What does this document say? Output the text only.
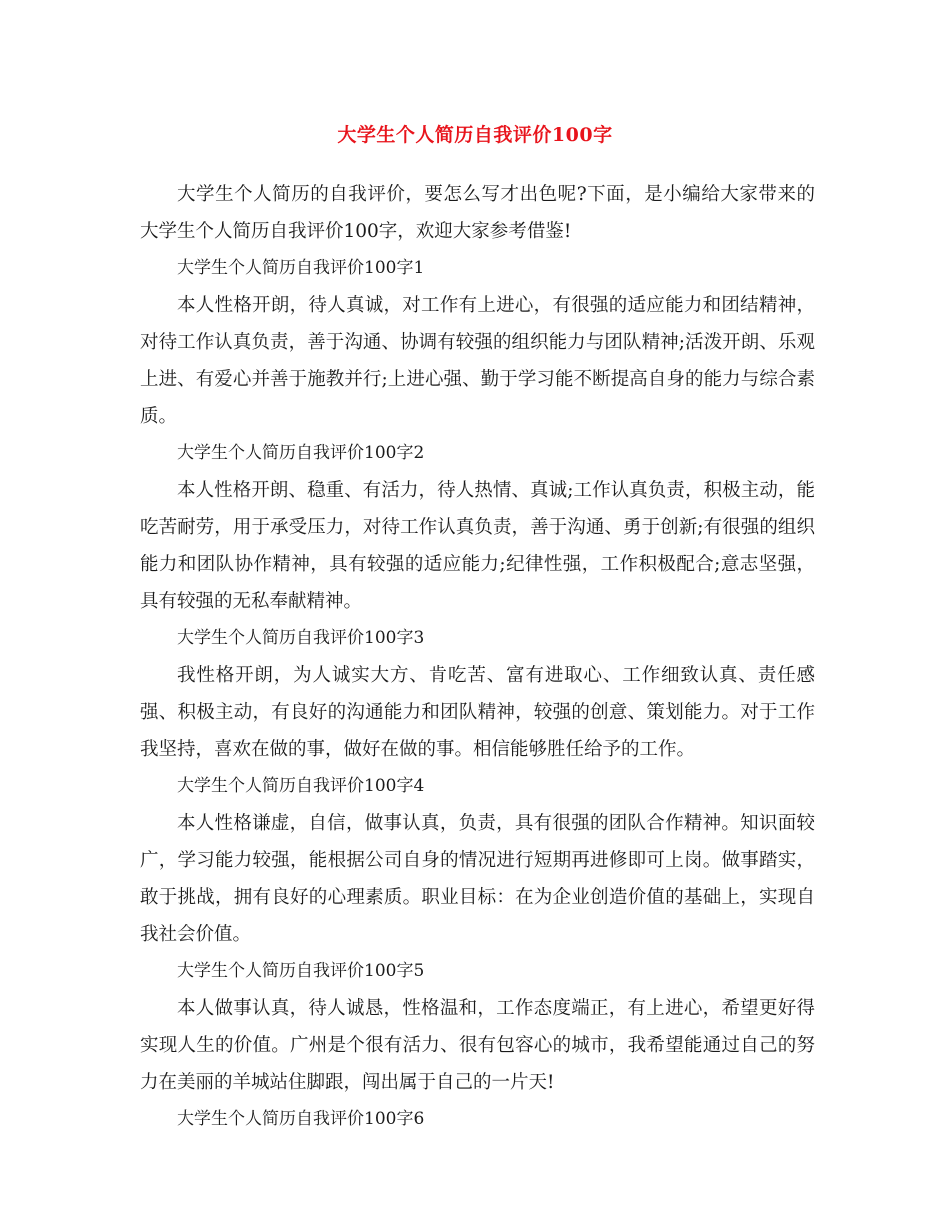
大学生个人简历自我评价100字

大学生个人简历的自我评价，要怎么写才出色呢?下面，是小编给大家带来的大学生个人简历自我评价100字，欢迎大家参考借鉴!

大学生个人简历自我评价100字1

本人性格开朗，待人真诚，对工作有上进心，有很强的适应能力和团结精神，对待工作认真负责，善于沟通、协调有较强的组织能力与团队精神;活泼开朗、乐观上进、有爱心并善于施教并行;上进心强、勤于学习能不断提高自身的能力与综合素质。

大学生个人简历自我评价100字2

本人性格开朗、稳重、有活力，待人热情、真诚;工作认真负责，积极主动，能吃苦耐劳，用于承受压力，对待工作认真负责，善于沟通、勇于创新;有很强的组织能力和团队协作精神，具有较强的适应能力;纪律性强，工作积极配合;意志坚强，具有较强的无私奉献精神。

大学生个人简历自我评价100字3

我性格开朗，为人诚实大方、肯吃苦、富有进取心、工作细致认真、责任感强、积极主动，有良好的沟通能力和团队精神，较强的创意、策划能力。对于工作我坚持，喜欢在做的事，做好在做的事。相信能够胜任给予的工作。

大学生个人简历自我评价100字4

本人性格谦虚，自信，做事认真，负责，具有很强的团队合作精神。知识面较广，学习能力较强，能根据公司自身的情况进行短期再进修即可上岗。做事踏实，敢于挑战，拥有良好的心理素质。职业目标：在为企业创造价值的基础上，实现自我社会价值。

大学生个人简历自我评价100字5

本人做事认真，待人诚恳，性格温和，工作态度端正，有上进心，希望更好得实现人生的价值。广州是个很有活力、很有包容心的城市，我希望能通过自己的努力在美丽的羊城站住脚跟，闯出属于自己的一片天!

大学生个人简历自我评价100字6
